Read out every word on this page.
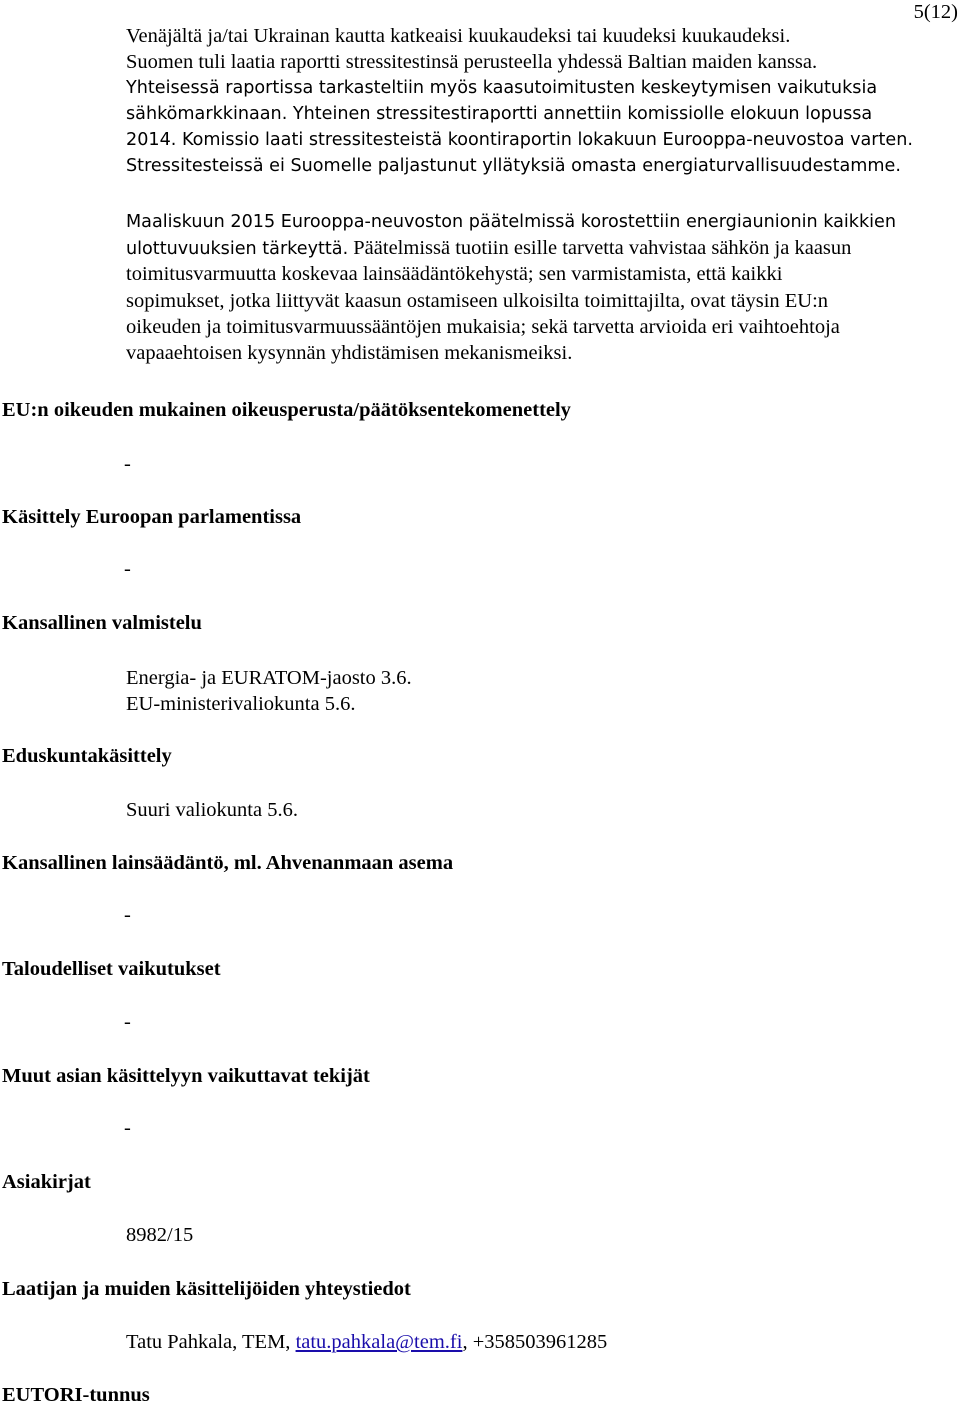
5(12)
Venäjältä ja/tai Ukrainan kautta katkeaisi kuukaudeksi tai kuudeksi kuukaudeksi.
Suomen tuli laatia raportti stressitestinsä perusteella yhdessä Baltian maiden kanssa.
Yhteisessä raportissa tarkasteltiin myös kaasutoimitusten keskeytymisen vaikutuksia
sähkömarkkinaan. Yhteinen stressitestiraportti annettiin komissiolle elokuun lopussa
2014. Komissio laati stressitesteistä koontiraportin lokakuun Eurooppa-neuvostoa varten.
Stressitesteissä ei Suomelle paljastunut yllätyksiä omasta energiaturvallisuudestamme.
Maaliskuun 2015 Eurooppa-neuvoston päätelmissä korostettiin energiaunionin kaikkien
ulottuvuuksien tärkeyttä. Päätelmissä tuotiin esille tarvetta vahvistaa sähkön ja kaasun
toimitusvarmuutta koskevaa lainsäädäntökehystä; sen varmistamista, että kaikki
sopimukset, jotka liittyvät kaasun ostamiseen ulkoisilta toimittajilta, ovat täysin EU:n
oikeuden ja toimitusvarmuussääntöjen mukaisia; sekä tarvetta arvioida eri vaihtoehtoja
vapaaehtoisen kysynnän yhdistämisen mekanismeiksi.
EU:n oikeuden mukainen oikeusperusta/päätöksentekomenettely
-
Käsittely Euroopan parlamentissa
-
Kansallinen valmistelu
Energia- ja EURATOM-jaosto 3.6.
EU-ministerivaliokunta 5.6.
Eduskuntakäsittely
Suuri valiokunta 5.6.
Kansallinen lainsäädäntö, ml. Ahvenanmaan asema
-
Taloudelliset vaikutukset
-
Muut asian käsittelyyn vaikuttavat tekijät
-
Asiakirjat
8982/15
Laatijan ja muiden käsittelijöiden yhteystiedot
Tatu Pahkala, TEM, tatu.pahkala@tem.fi, +358503961285
EUTORI-tunnus
